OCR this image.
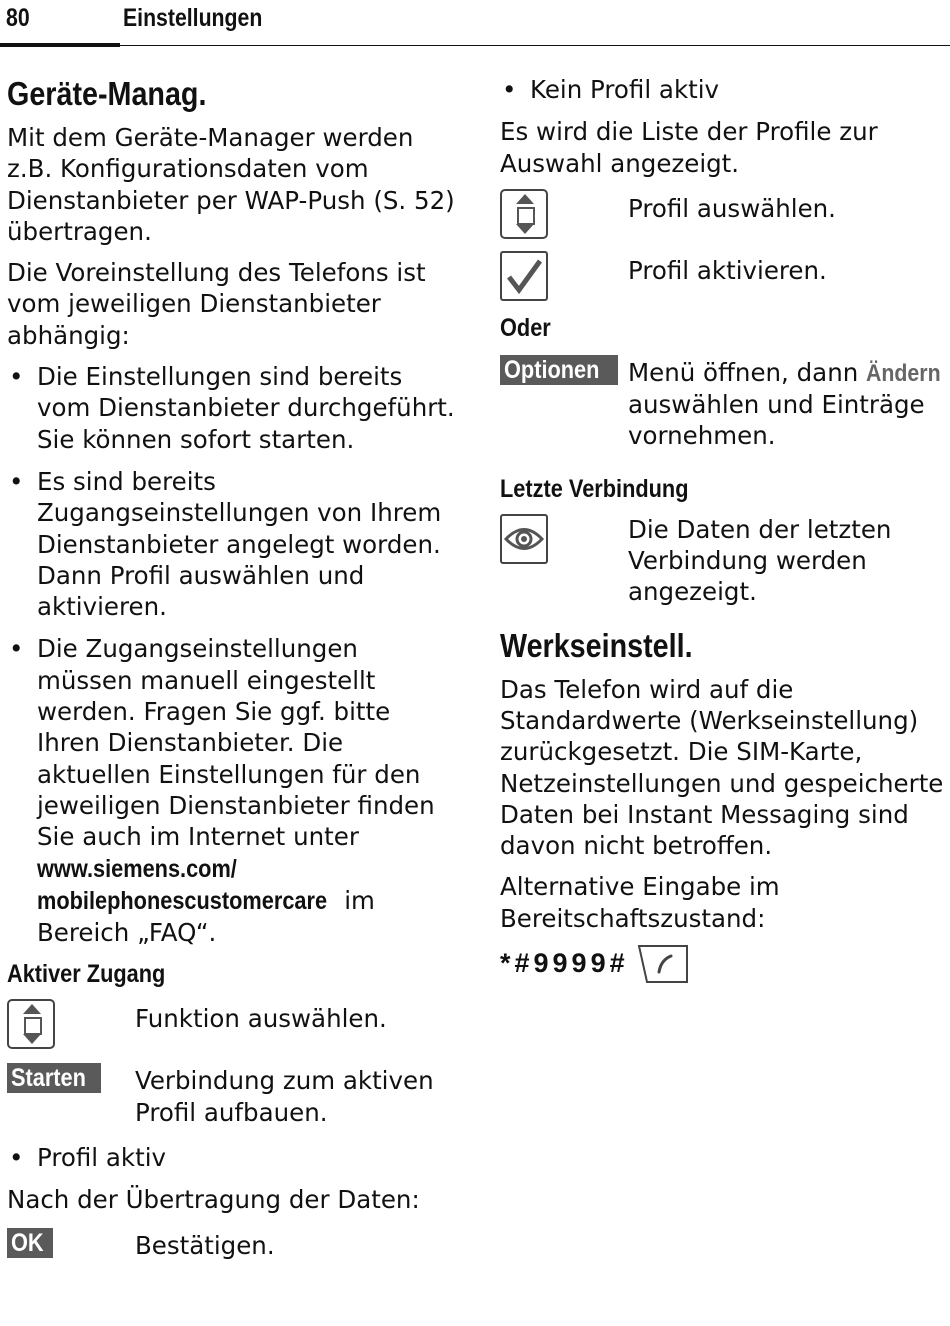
80	Einstellungen
Geräte-Manag.

Mit dem Geräte-Manager werden z.B. Konfigurationsdaten vom Dienstanbieter per WAP-Push (S. 52) übertragen.

Die Voreinstellung des Telefons ist vom jeweiligen Dienstanbieter abhängig:

• Die Einstellungen sind bereits vom Dienstanbieter durchgeführt. Sie können sofort starten.
• Es sind bereits Zugangseinstellungen von Ihrem Dienstanbieter angelegt worden. Dann Profil auswählen und aktivieren.
• Die Zugangseinstellungen müssen manuell eingestellt werden. Fragen Sie ggf. bitte Ihren Dienstanbieter. Die aktuellen Einstellungen für den jeweiligen Dienstanbieter finden Sie auch im Internet unter
www.siemens.com/
mobilephonescustomercare im
Bereich „FAQ“.
Aktiver Zugang
Funktion auswählen.
Starten	Verbindung zum aktiven Profil aufbauen.
• Profil aktiv

Nach der Übertragung der Daten:

OK	Bestätigen.
• Kein Profil aktiv

Es wird die Liste der Profile zur Auswahl angezeigt.

Profil auswählen.
Profil aktivieren.
Oder
Optionen	Menü öffnen, dann Ändern auswählen und Einträge vornehmen.
Letzte Verbindung
Die Daten der letzten Verbindung werden angezeigt.
Werkseinstell.

Das Telefon wird auf die Standardwerte (Werkseinstellung) zurückgesetzt. Die SIM-Karte, Netzeinstellungen und gespeicherte Daten bei Instant Messaging sind davon nicht betroffen.

Alternative Eingabe im Bereitschaftszustand:

*#9999#
